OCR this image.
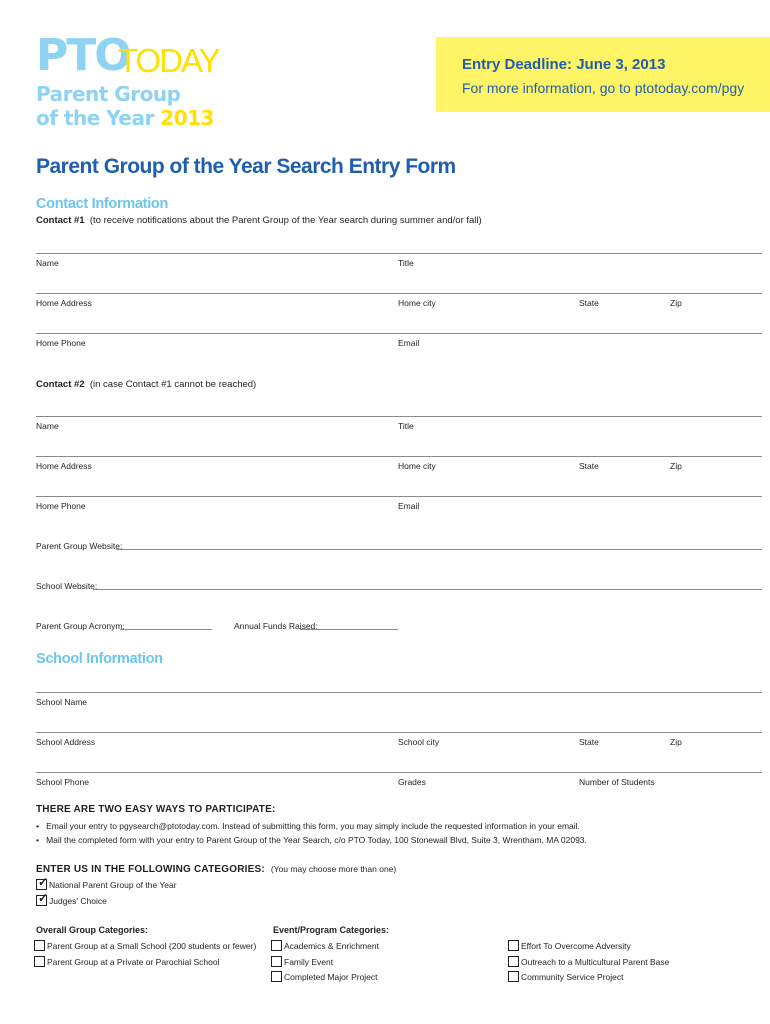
PTO
TODAY
Parent Group
of the Year 2013
Entry Deadline: June 3, 2013
For more information, go to ptotoday.com/pgy
Parent Group of the Year Search Entry Form
Contact Information
Contact #1 (to receive notifications about the Parent Group of the Year search during summer and/or fall)
Name	Title
Home Address	Home city	State	Zip
Home Phone	Email
Contact #2 (in case Contact #1 cannot be reached)
Name	Title
Home Address	Home city	State	Zip
Home Phone	Email
Parent Group Website:
School Website:
Parent Group Acronym:	Annual Funds Raised:
School Information
School Name
School Address	School city	State	Zip
School Phone	Grades	Number of Students
THERE ARE TWO EASY WAYS TO PARTICIPATE:
•   Email your entry to pgysearch@ptotoday.com. Instead of submitting this form, you may simply include the requested information in your email.
•   Mail the completed form with your entry to Parent Group of the Year Search, c/o PTO Today, 100 Stonewall Blvd, Suite 3, Wrentham, MA 02093.
ENTER US IN THE FOLLOWING CATEGORIES: (You may choose more than one)
✓ National Parent Group of the Year
✓ Judges' Choice
Overall Group Categories:	Event/Program Categories:
Parent Group at a Small School (200 students or fewer)
Parent Group at a Private or Parochial School
Academics & Enrichment
Family Event
Completed Major Project
Effort To Overcome Adversity
Outreach to a Multicultural Parent Base
Community Service Project
